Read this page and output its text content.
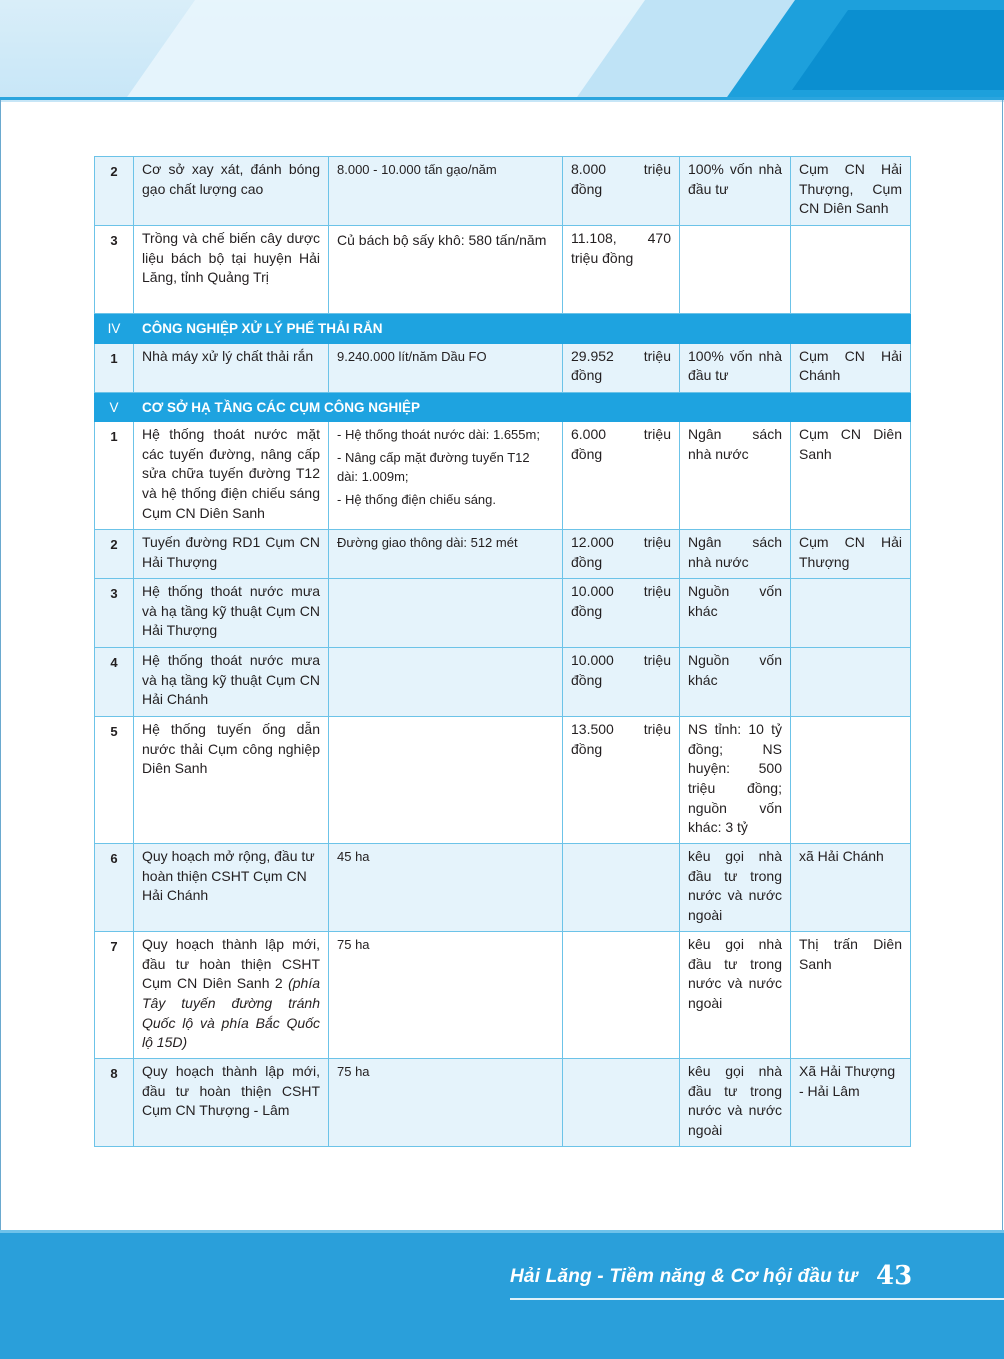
2	Cơ sở xay xát, đánh bóng gạo chất lượng cao	8.000 - 10.000 tấn gạo/năm	8.000 triệu đồng	100% vốn nhà đầu tư	Cụm CN Hải Thượng, Cụm CN Diên Sanh
3	Trồng và chế biến cây dược liệu bách bộ tại huyện Hải Lăng, tỉnh Quảng Trị	Củ bách bộ sấy khô: 580 tấn/năm	11.108, 470 triệu đồng		
IV	CÔNG NGHIỆP XỬ LÝ PHẾ THẢI RẮN				
1	Nhà máy xử lý chất thải rắn	9.240.000 lít/năm Dầu FO	29.952 triệu đồng	100% vốn nhà đầu tư	Cụm CN Hải Chánh
V	CƠ SỞ HẠ TẦNG CÁC CỤM CÔNG NGHIỆP				
1	Hệ thống thoát nước mặt các tuyến đường, nâng cấp sửa chữa tuyến đường T12 và hệ thống điện chiếu sáng Cụm CN Diên Sanh	- Hệ thống thoát nước dài: 1.655m;
- Nâng cấp mặt đường tuyến T12 dài: 1.009m;
- Hệ thống điện chiếu sáng.	6.000 triệu đồng	Ngân sách nhà nước	Cụm CN Diên Sanh
2	Tuyến đường RD1 Cụm CN Hải Thượng	Đường giao thông dài: 512 mét	12.000 triệu đồng	Ngân sách nhà nước	Cụm CN Hải Thượng
3	Hệ thống thoát nước mưa và hạ tầng kỹ thuật Cụm CN Hải Thượng		10.000 triệu đồng	Nguồn vốn khác	
4	Hệ thống thoát nước mưa và hạ tầng kỹ thuật Cụm CN Hải Chánh		10.000 triệu đồng	Nguồn vốn khác	
5	Hệ thống tuyến ống dẫn nước thải Cụm công nghiệp Diên Sanh		13.500 triệu đồng	NS tỉnh: 10 tỷ đồng; NS huyện: 500 triệu đồng; nguồn vốn khác: 3 tỷ	
6	Quy hoạch mở rộng, đầu tư hoàn thiện CSHT Cụm CN Hải Chánh	45 ha		kêu gọi nhà đầu tư trong nước và nước ngoài	xã Hải Chánh
7	Quy hoạch thành lập mới, đầu tư hoàn thiện CSHT Cụm CN Diên Sanh 2 (phía Tây tuyến đường tránh Quốc lộ và phía Bắc Quốc lộ 15D)	75 ha		kêu gọi nhà đầu tư trong nước và nước ngoài	Thị trấn Diên Sanh
8	Quy hoạch thành lập mới, đầu tư hoàn thiện CSHT Cụm CN Thượng - Lâm	75 ha		kêu gọi nhà đầu tư trong nước và nước ngoài	Xã Hải Thượng - Hải Lâm
Hải Lăng - Tiềm năng & Cơ hội đầu tư 43
